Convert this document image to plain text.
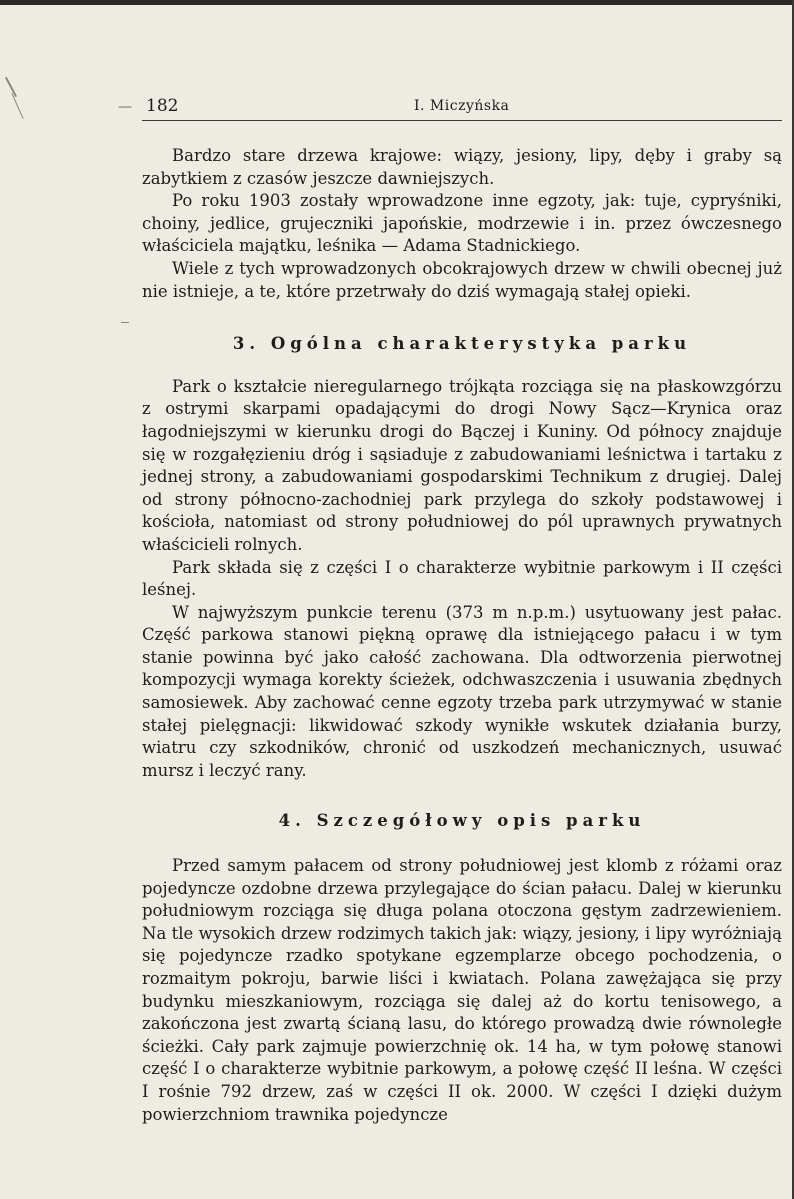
— 182	I. Miczyńska

Bardzo stare drzewa krajowe: wiązy, jesiony, lipy, dęby i graby są zabytkiem z czasów jeszcze dawniejszych.

Po roku 1903 zostały wprowadzone inne egzoty, jak: tuje, cypryśniki, choiny, jedlice, grujeczniki japońskie, modrzewie i in. przez ówczesnego właściciela majątku, leśnika — Adama Stadnickiego.

Wiele z tych wprowadzonych obcokrajowych drzew w chwili obecnej już nie istnieje, a te, które przetrwały do dziś wymagają stałej opieki.

3. Ogólna charakterystyka parku

Park o kształcie nieregularnego trójkąta rozciąga się na płaskowzgórzu z ostrymi skarpami opadającymi do drogi Nowy Sącz—Krynica oraz łagodniejszymi w kierunku drogi do Bączej i Kuniny. Od północy znajduje się w rozgałęzieniu dróg i sąsiaduje z zabudowaniami leśnictwa i tartaku z jednej strony, a zabudowaniami gospodarskimi Technikum z drugiej. Dalej od strony północno-zachodniej park przylega do szkoły podstawowej i kościoła, natomiast od strony południowej do pól uprawnych prywatnych właścicieli rolnych.

Park składa się z części I o charakterze wybitnie parkowym i II części leśnej.

W najwyższym punkcie terenu (373 m n.p.m.) usytuowany jest pałac. Część parkowa stanowi piękną oprawę dla istniejącego pałacu i w tym stanie powinna być jako całość zachowana. Dla odtworzenia pierwotnej kompozycji wymaga korekty ścieżek, odchwaszczenia i usuwania zbędnych samosiewek. Aby zachować cenne egzoty trzeba park utrzymywać w stanie stałej pielęgnacji: likwidować szkody wynikłe wskutek działania burzy, wiatru czy szkodników, chronić od uszkodzeń mechanicznych, usuwać mursz i leczyć rany.

4. Szczegółowy opis parku

Przed samym pałacem od strony południowej jest klomb z różami oraz pojedyncze ozdobne drzewa przylegające do ścian pałacu. Dalej w kierunku południowym rozciąga się długa polana otoczona gęstym zadrzewieniem. Na tle wysokich drzew rodzimych takich jak: wiązy, jesiony, i lipy wyróżniają się pojedyncze rzadko spotykane egzemplarze obcego pochodzenia, o rozmaitym pokroju, barwie liści i kwiatach. Polana zawężająca się przy budynku mieszkaniowym, rozciąga się dalej aż do kortu tenisowego, a zakończona jest zwartą ścianą lasu, do którego prowadzą dwie równoległe ścieżki. Cały park zajmuje powierzchnię ok. 14 ha, w tym połowę stanowi część I o charakterze wybitnie parkowym, a połowę część II leśna. W części I rośnie 792 drzew, zaś w części II ok. 2000. W części I dzięki dużym powierzchniom trawnika pojedyncze
